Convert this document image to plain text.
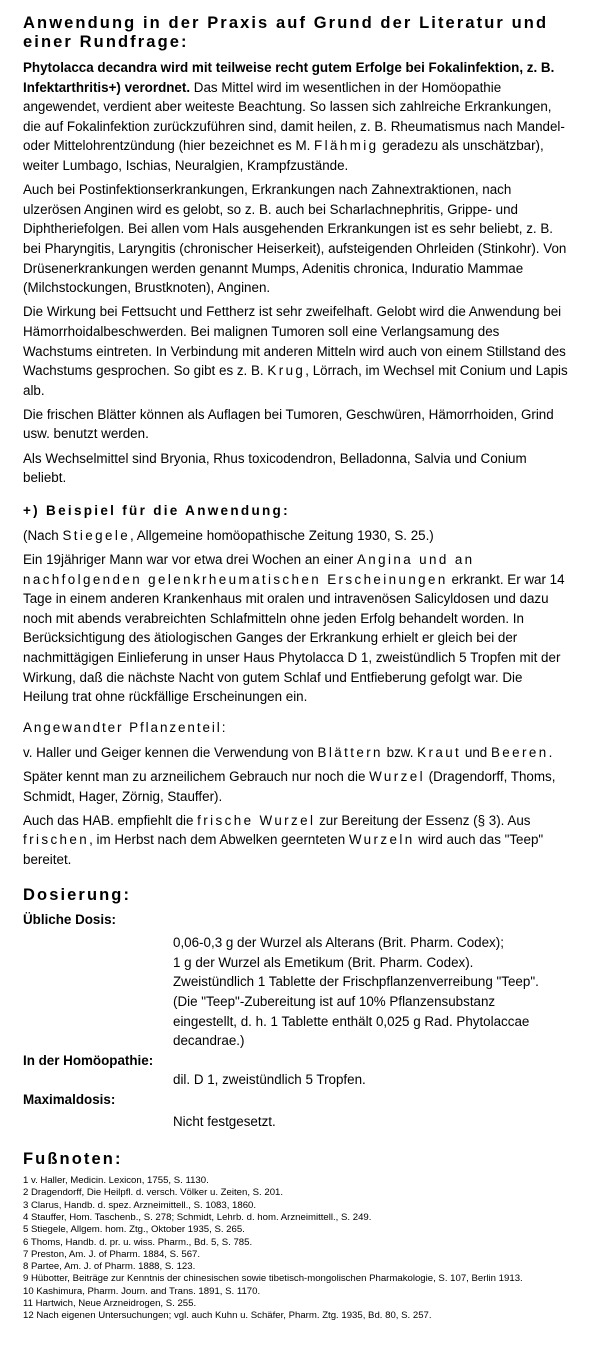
Anwendung in der Praxis auf Grund der Literatur und einer Rundfrage:

Phytolacca decandra wird mit teilweise recht gutem Erfolge bei Fokalinfektion, z. B. Infektarthritis+) verordnet. Das Mittel wird im wesentlichen in der Homöopathie angewendet, verdient aber weiteste Beachtung. So lassen sich zahlreiche Erkrankungen, die auf Fokalinfektion zurückzuführen sind, damit heilen, z. B. Rheumatismus nach Mandel- oder Mittelohrentzündung (hier bezeichnet es M. Flähmig geradezu als unschätzbar), weiter Lumbago, Ischias, Neuralgien, Krampfzustände.

Auch bei Postinfektionserkrankungen, Erkrankungen nach Zahnextraktionen, nach ulzerösen Anginen wird es gelobt, so z. B. auch bei Scharlachnephritis, Grippe- und Diphtheriefolgen. Bei allen vom Hals ausgehenden Erkrankungen ist es sehr beliebt, z. B. bei Pharyngitis, Laryngitis (chronischer Heiserkeit), aufsteigenden Ohrleiden (Stinkohr). Von Drüsenerkrankungen werden genannt Mumps, Adenitis chronica, Induratio Mammae (Milchstockungen, Brustknoten), Anginen.

Die Wirkung bei Fettsucht und Fettherz ist sehr zweifelhaft. Gelobt wird die Anwendung bei Hämorrhoidalbeschwerden. Bei malignen Tumoren soll eine Verlangsamung des Wachstums eintreten. In Verbindung mit anderen Mitteln wird auch von einem Stillstand des Wachstums gesprochen. So gibt es z. B. Krug, Lörrach, im Wechsel mit Conium und Lapis alb.

Die frischen Blätter können als Auflagen bei Tumoren, Geschwüren, Hämorrhoiden, Grind usw. benutzt werden.

Als Wechselmittel sind Bryonia, Rhus toxicodendron, Belladonna, Salvia und Conium beliebt.

+) Beispiel für die Anwendung:

(Nach Stiegele, Allgemeine homöopathische Zeitung 1930, S. 25.)

Ein 19jähriger Mann war vor etwa drei Wochen an einer Angina und an nachfolgenden gelenkrheumatischen Erscheinungen erkrankt. Er war 14 Tage in einem anderen Krankenhaus mit oralen und intravenösen Salicyldosen und dazu noch mit abends verabreichten Schlafmitteln ohne jeden Erfolg behandelt worden. In Berücksichtigung des ätiologischen Ganges der Erkrankung erhielt er gleich bei der nachmittägigen Einlieferung in unser Haus Phytolacca D 1, zweistündlich 5 Tropfen mit der Wirkung, daß die nächste Nacht von gutem Schlaf und Entfieberung gefolgt war. Die Heilung trat ohne rückfällige Erscheinungen ein.

Angewandter Pflanzenteil:

v. Haller und Geiger kennen die Verwendung von Blättern bzw. Kraut und Beeren.

Später kennt man zu arzneilichem Gebrauch nur noch die Wurzel (Dragendorff, Thoms, Schmidt, Hager, Zörnig, Stauffer).

Auch das HAB. empfiehlt die frische Wurzel zur Bereitung der Essenz (§ 3). Aus frischen, im Herbst nach dem Abwelken geernteten Wurzeln wird auch das "Teep" bereitet.

Dosierung:
Übliche Dosis:
0,06-0,3 g der Wurzel als Alterans (Brit. Pharm. Codex);
1 g der Wurzel als Emetikum (Brit. Pharm. Codex).
Zweistündlich 1 Tablette der Frischpflanzenverreibung "Teep".
(Die "Teep"-Zubereitung ist auf 10% Pflanzensubstanz
eingestellt, d. h. 1 Tablette enthält 0,025 g Rad. Phytolaccae
decandrae.)
In der Homöopathie:
dil. D 1, zweistündlich 5 Tropfen.
Maximaldosis:
Nicht festgesetzt.
Fußnoten:

1 v. Haller, Medicin. Lexicon, 1755, S. 1130.

2 Dragendorff, Die Heilpfl. d. versch. Völker u. Zeiten, S. 201.

3 Clarus, Handb. d. spez. Arzneimittell., S. 1083, 1860.

4 Stauffer, Hom. Taschenb., S. 278; Schmidt, Lehrb. d. hom. Arzneimittell., S. 249.

5 Stiegele, Allgem. hom. Ztg., Oktober 1935, S. 265.

6 Thoms, Handb. d. pr. u. wiss. Pharm., Bd. 5, S. 785.

7 Preston, Am. J. of Pharm. 1884, S. 567.

8 Partee, Am. J. of Pharm. 1888, S. 123.

9 Hübotter, Beiträge zur Kenntnis der chinesischen sowie tibetisch-mongolischen Pharmakologie, S. 107, Berlin 1913.

10 Kashimura, Pharm. Journ. and Trans. 1891, S. 1170.

11 Hartwich, Neue Arzneidrogen, S. 255.

12 Nach eigenen Untersuchungen; vgl. auch Kuhn u. Schäfer, Pharm. Ztg. 1935, Bd. 80, S. 257.
